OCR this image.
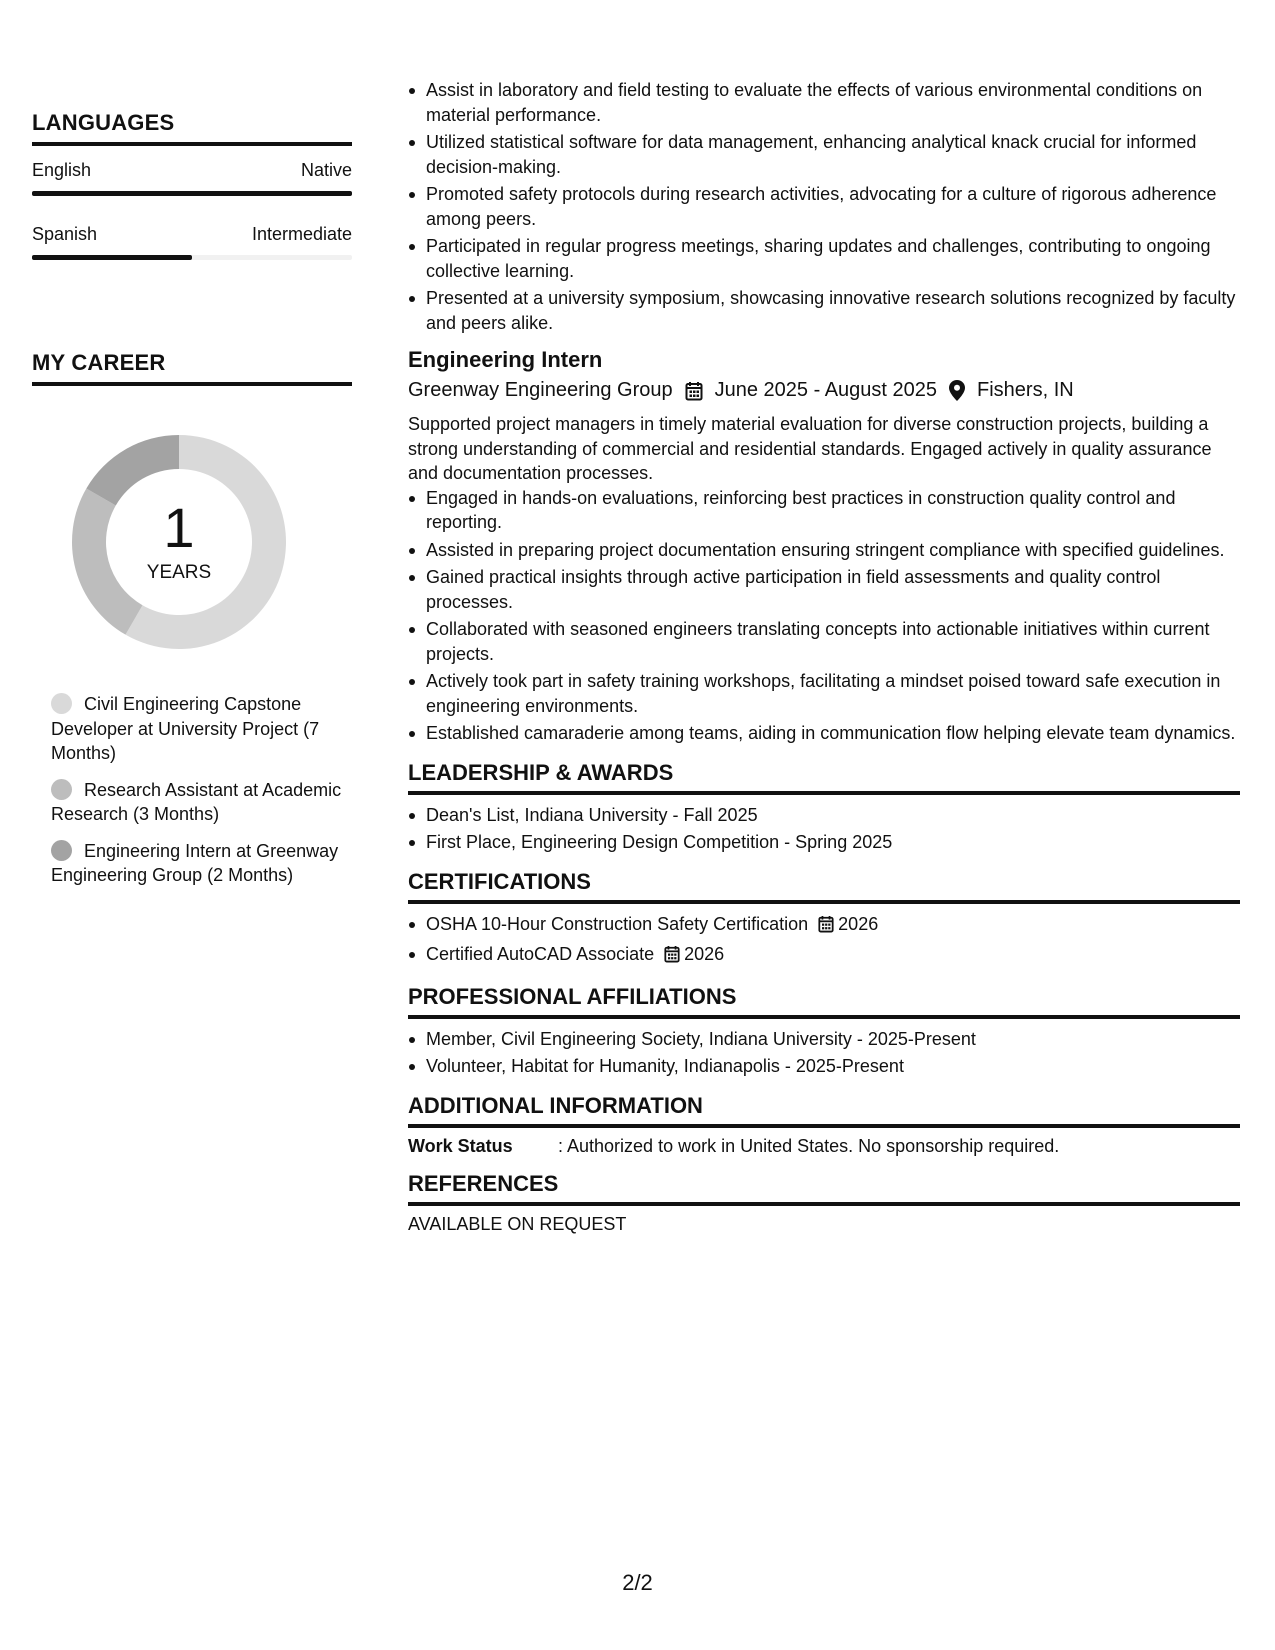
LANGUAGES
English	Native
Spanish	Intermediate
MY CAREER
1
YEARS
Civil Engineering Capstone Developer at University Project (7 Months)
Research Assistant at Academic Research (3 Months)
Engineering Intern at Greenway Engineering Group (2 Months)
Assist in laboratory and field testing to evaluate the effects of various environmental conditions on material performance.
Utilized statistical software for data management, enhancing analytical knack crucial for informed decision-making.
Promoted safety protocols during research activities, advocating for a culture of rigorous adherence among peers.
Participated in regular progress meetings, sharing updates and challenges, contributing to ongoing collective learning.
Presented at a university symposium, showcasing innovative research solutions recognized by faculty and peers alike.
Engineering Intern
Greenway Engineering Group June 2025 - August 2025 Fishers, IN
Supported project managers in timely material evaluation for diverse construction projects, building a strong understanding of commercial and residential standards. Engaged actively in quality assurance and documentation processes.
Engaged in hands-on evaluations, reinforcing best practices in construction quality control and reporting.
Assisted in preparing project documentation ensuring stringent compliance with specified guidelines.
Gained practical insights through active participation in field assessments and quality control processes.
Collaborated with seasoned engineers translating concepts into actionable initiatives within current projects.
Actively took part in safety training workshops, facilitating a mindset poised toward safe execution in engineering environments.
Established camaraderie among teams, aiding in communication flow helping elevate team dynamics.
LEADERSHIP & AWARDS
Dean's List, Indiana University - Fall 2025
First Place, Engineering Design Competition - Spring 2025
CERTIFICATIONS
OSHA 10-Hour Construction Safety Certification 2026
Certified AutoCAD Associate 2026
PROFESSIONAL AFFILIATIONS
Member, Civil Engineering Society, Indiana University - 2025-Present
Volunteer, Habitat for Humanity, Indianapolis - 2025-Present
ADDITIONAL INFORMATION
Work Status	: Authorized to work in United States. No sponsorship required.
REFERENCES
AVAILABLE ON REQUEST
2/2
